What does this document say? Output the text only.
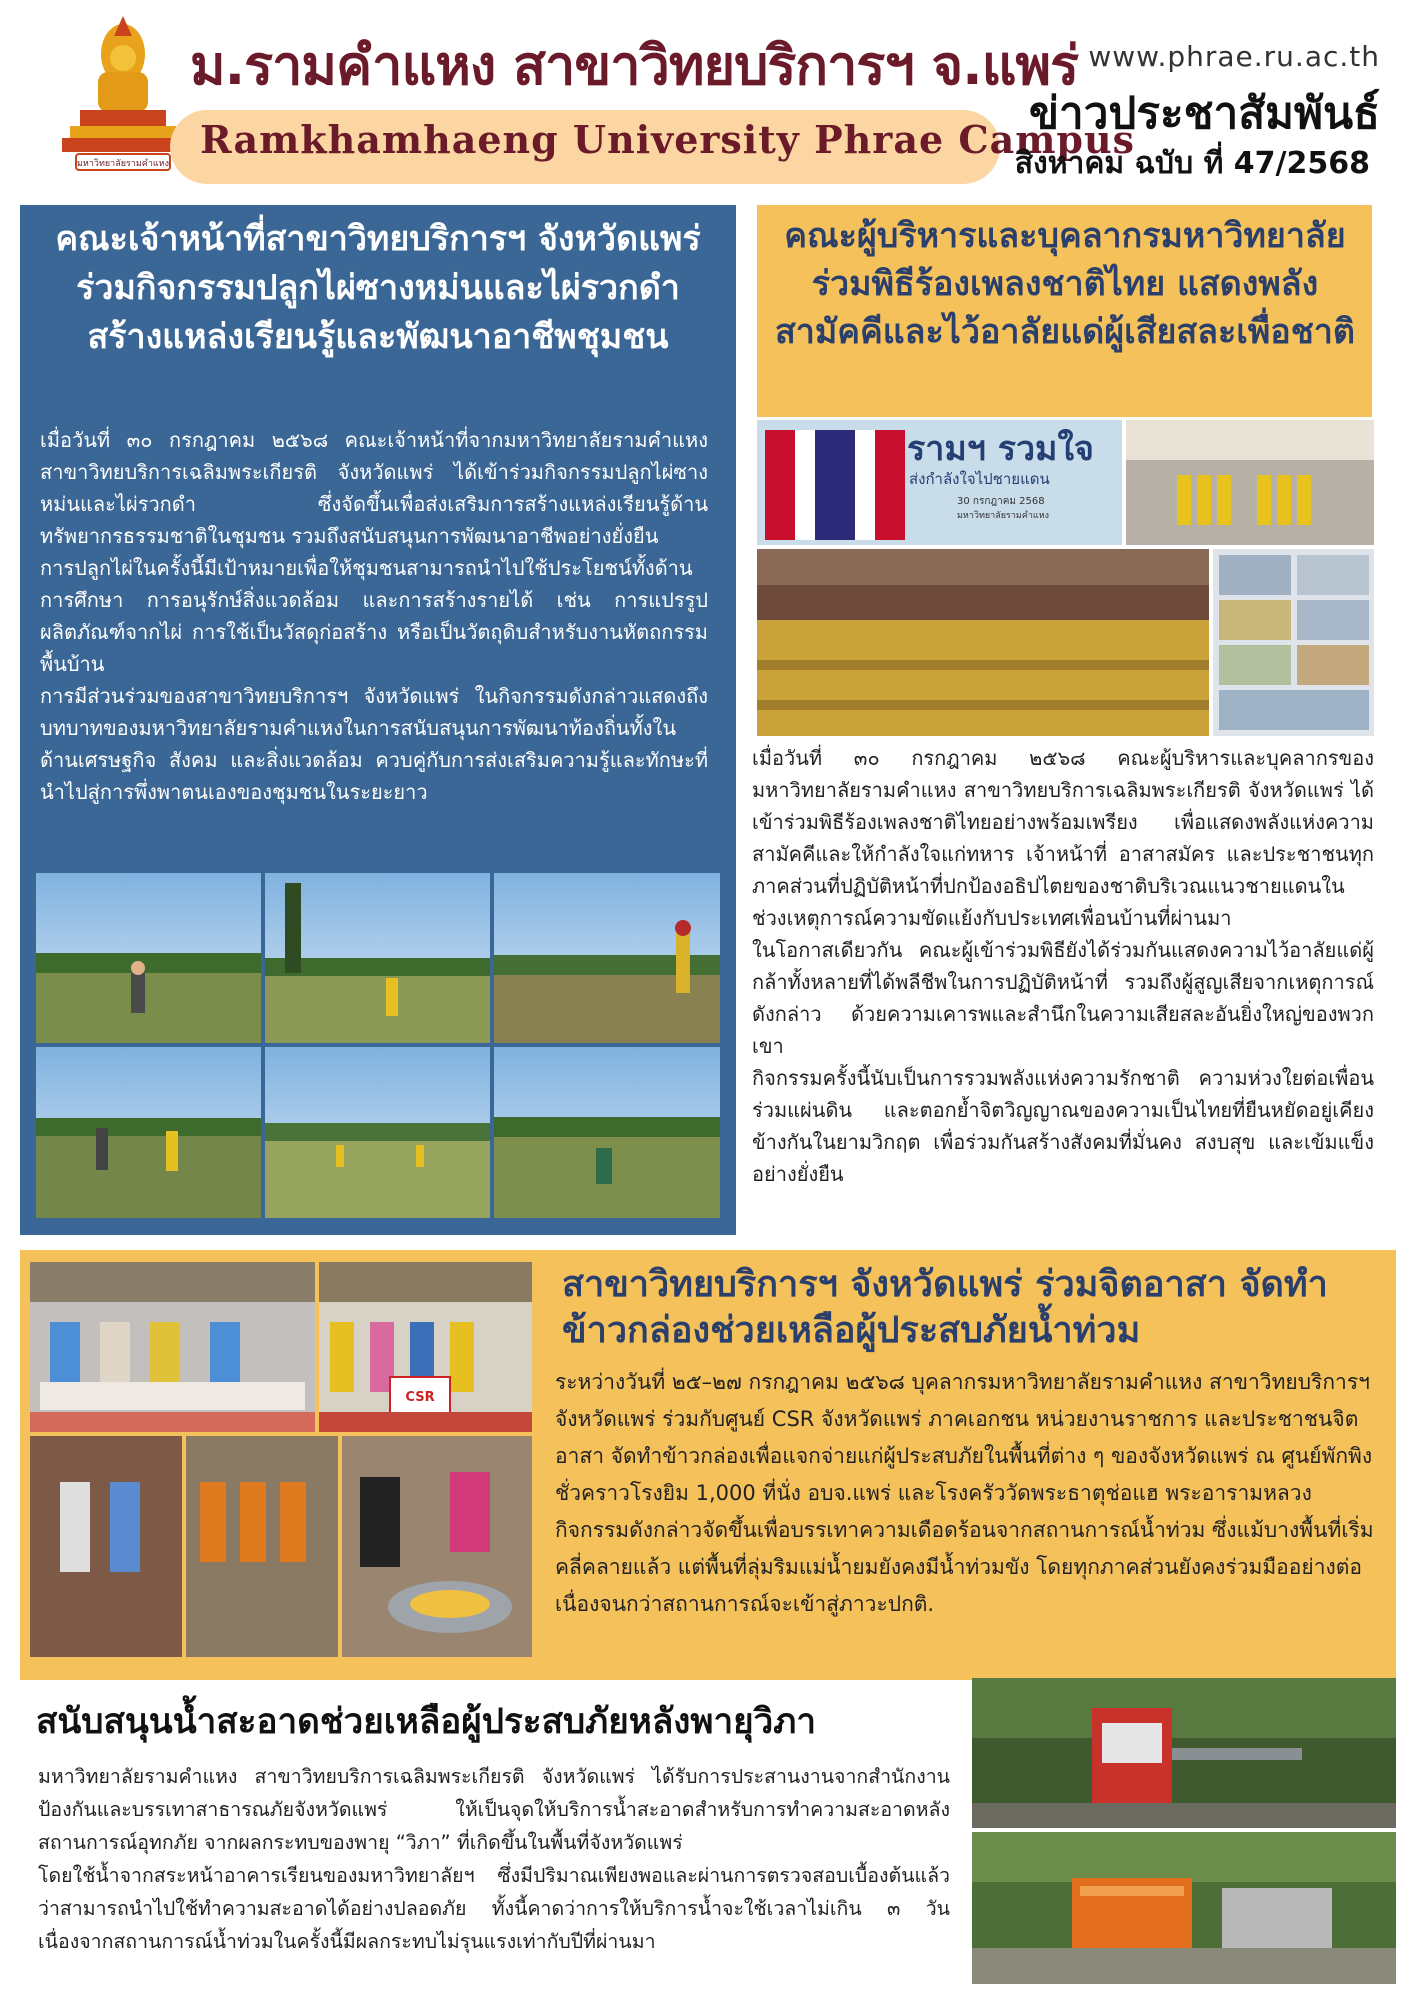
มหาวิทยาลัยรามคำแหง
ม.รามคำแหง สาขาวิทยบริการฯ จ.แพร่
Ramkhamhaeng University Phrae Campus
www.phrae.ru.ac.th
ข่าวประชาสัมพันธ์
สิงหาคม ฉบับ ที่ 47/2568
คณะเจ้าหน้าที่สาขาวิทยบริการฯ จังหวัดแพร่ ร่วมกิจกรรมปลูกไผ่ซางหม่นและไผ่รวกดำ สร้างแหล่งเรียนรู้และพัฒนาอาชีพชุมชน

เมื่อวันที่ ๓๐ กรกฎาคม ๒๕๖๘ คณะเจ้าหน้าที่จากมหาวิทยาลัยรามคำแหง สาขาวิทยบริการเฉลิมพระเกียรติ จังหวัดแพร่ ได้เข้าร่วมกิจกรรมปลูกไผ่ซางหม่นและไผ่รวกดำ ซึ่งจัดขึ้นเพื่อส่งเสริมการสร้างแหล่งเรียนรู้ด้านทรัพยากรธรรมชาติในชุมชน รวมถึงสนับสนุนการพัฒนาอาชีพอย่างยั่งยืน

การปลูกไผ่ในครั้งนี้มีเป้าหมายเพื่อให้ชุมชนสามารถนำไปใช้ประโยชน์ทั้งด้านการศึกษา การอนุรักษ์สิ่งแวดล้อม และการสร้างรายได้ เช่น การแปรรูปผลิตภัณฑ์จากไผ่ การใช้เป็นวัสดุก่อสร้าง หรือเป็นวัตถุดิบสำหรับงานหัตถกรรมพื้นบ้าน

การมีส่วนร่วมของสาขาวิทยบริการฯ จังหวัดแพร่ ในกิจกรรมดังกล่าวแสดงถึงบทบาทของมหาวิทยาลัยรามคำแหงในการสนับสนุนการพัฒนาท้องถิ่นทั้งในด้านเศรษฐกิจ สังคม และสิ่งแวดล้อม ควบคู่กับการส่งเสริมความรู้และทักษะที่นำไปสู่การพึ่งพาตนเองของชุมชนในระยะยาว

คณะผู้บริหารและบุคลากรมหาวิทยาลัย ร่วมพิธีร้องเพลงชาติไทย แสดงพลังสามัคคีและไว้อาลัยแด่ผู้เสียสละเพื่อชาติ
รามฯ รวมใจ
ส่งกำลังใจไปชายแดน
30 กรกฎาคม 2568
มหาวิทยาลัยรามคำแหง

เมื่อวันที่ ๓๐ กรกฎาคม ๒๕๖๘ คณะผู้บริหารและบุคลากรของมหาวิทยาลัยรามคำแหง สาขาวิทยบริการเฉลิมพระเกียรติ จังหวัดแพร่ ได้เข้าร่วมพิธีร้องเพลงชาติไทยอย่างพร้อมเพรียง เพื่อแสดงพลังแห่งความสามัคคีและให้กำลังใจแก่ทหาร เจ้าหน้าที่ อาสาสมัคร และประชาชนทุกภาคส่วนที่ปฏิบัติหน้าที่ปกป้องอธิปไตยของชาติบริเวณแนวชายแดนในช่วงเหตุการณ์ความขัดแย้งกับประเทศเพื่อนบ้านที่ผ่านมา

ในโอกาสเดียวกัน คณะผู้เข้าร่วมพิธียังได้ร่วมกันแสดงความไว้อาลัยแด่ผู้กล้าทั้งหลายที่ได้พลีชีพในการปฏิบัติหน้าที่ รวมถึงผู้สูญเสียจากเหตุการณ์ดังกล่าว ด้วยความเคารพและสำนึกในความเสียสละอันยิ่งใหญ่ของพวกเขา

กิจกรรมครั้งนี้นับเป็นการรวมพลังแห่งความรักชาติ ความห่วงใยต่อเพื่อนร่วมแผ่นดิน และตอกย้ำจิตวิญญาณของความเป็นไทยที่ยืนหยัดอยู่เคียงข้างกันในยามวิกฤต เพื่อร่วมกันสร้างสังคมที่มั่นคง สงบสุข และเข้มแข็งอย่างยั่งยืน

CSR
สาขาวิทยบริการฯ จังหวัดแพร่ ร่วมจิตอาสา จัดทำข้าวกล่องช่วยเหลือผู้ประสบภัยน้ำท่วม

ระหว่างวันที่ ๒๕–๒๗ กรกฎาคม ๒๕๖๘ บุคลากรมหาวิทยาลัยรามคำแหง สาขาวิทยบริการฯ จังหวัดแพร่ ร่วมกับศูนย์ CSR จังหวัดแพร่ ภาคเอกชน หน่วยงานราชการ และประชาชนจิตอาสา จัดทำข้าวกล่องเพื่อแจกจ่ายแก่ผู้ประสบภัยในพื้นที่ต่าง ๆ ของจังหวัดแพร่ ณ ศูนย์พักพิงชั่วคราวโรงยิม 1,000 ที่นั่ง อบจ.แพร่ และโรงครัววัดพระธาตุช่อแฮ พระอารามหลวง

กิจกรรมดังกล่าวจัดขึ้นเพื่อบรรเทาความเดือดร้อนจากสถานการณ์น้ำท่วม ซึ่งแม้บางพื้นที่เริ่มคลี่คลายแล้ว แต่พื้นที่ลุ่มริมแม่น้ำยมยังคงมีน้ำท่วมขัง โดยทุกภาคส่วนยังคงร่วมมืออย่างต่อเนื่องจนกว่าสถานการณ์จะเข้าสู่ภาวะปกติ.

สนับสนุนน้ำสะอาดช่วยเหลือผู้ประสบภัยหลังพายุวิภา

มหาวิทยาลัยรามคำแหง สาขาวิทยบริการเฉลิมพระเกียรติ จังหวัดแพร่ ได้รับการประสานงานจากสำนักงานป้องกันและบรรเทาสาธารณภัยจังหวัดแพร่ ให้เป็นจุดให้บริการน้ำสะอาดสำหรับการทำความสะอาดหลังสถานการณ์อุทกภัย จากผลกระทบของพายุ “วิภา” ที่เกิดขึ้นในพื้นที่จังหวัดแพร่

โดยใช้น้ำจากสระหน้าอาคารเรียนของมหาวิทยาลัยฯ ซึ่งมีปริมาณเพียงพอและผ่านการตรวจสอบเบื้องต้นแล้วว่าสามารถนำไปใช้ทำความสะอาดได้อย่างปลอดภัย ทั้งนี้คาดว่าการให้บริการน้ำจะใช้เวลาไม่เกิน ๓ วัน เนื่องจากสถานการณ์น้ำท่วมในครั้งนี้มีผลกระทบไม่รุนแรงเท่ากับปีที่ผ่านมา
